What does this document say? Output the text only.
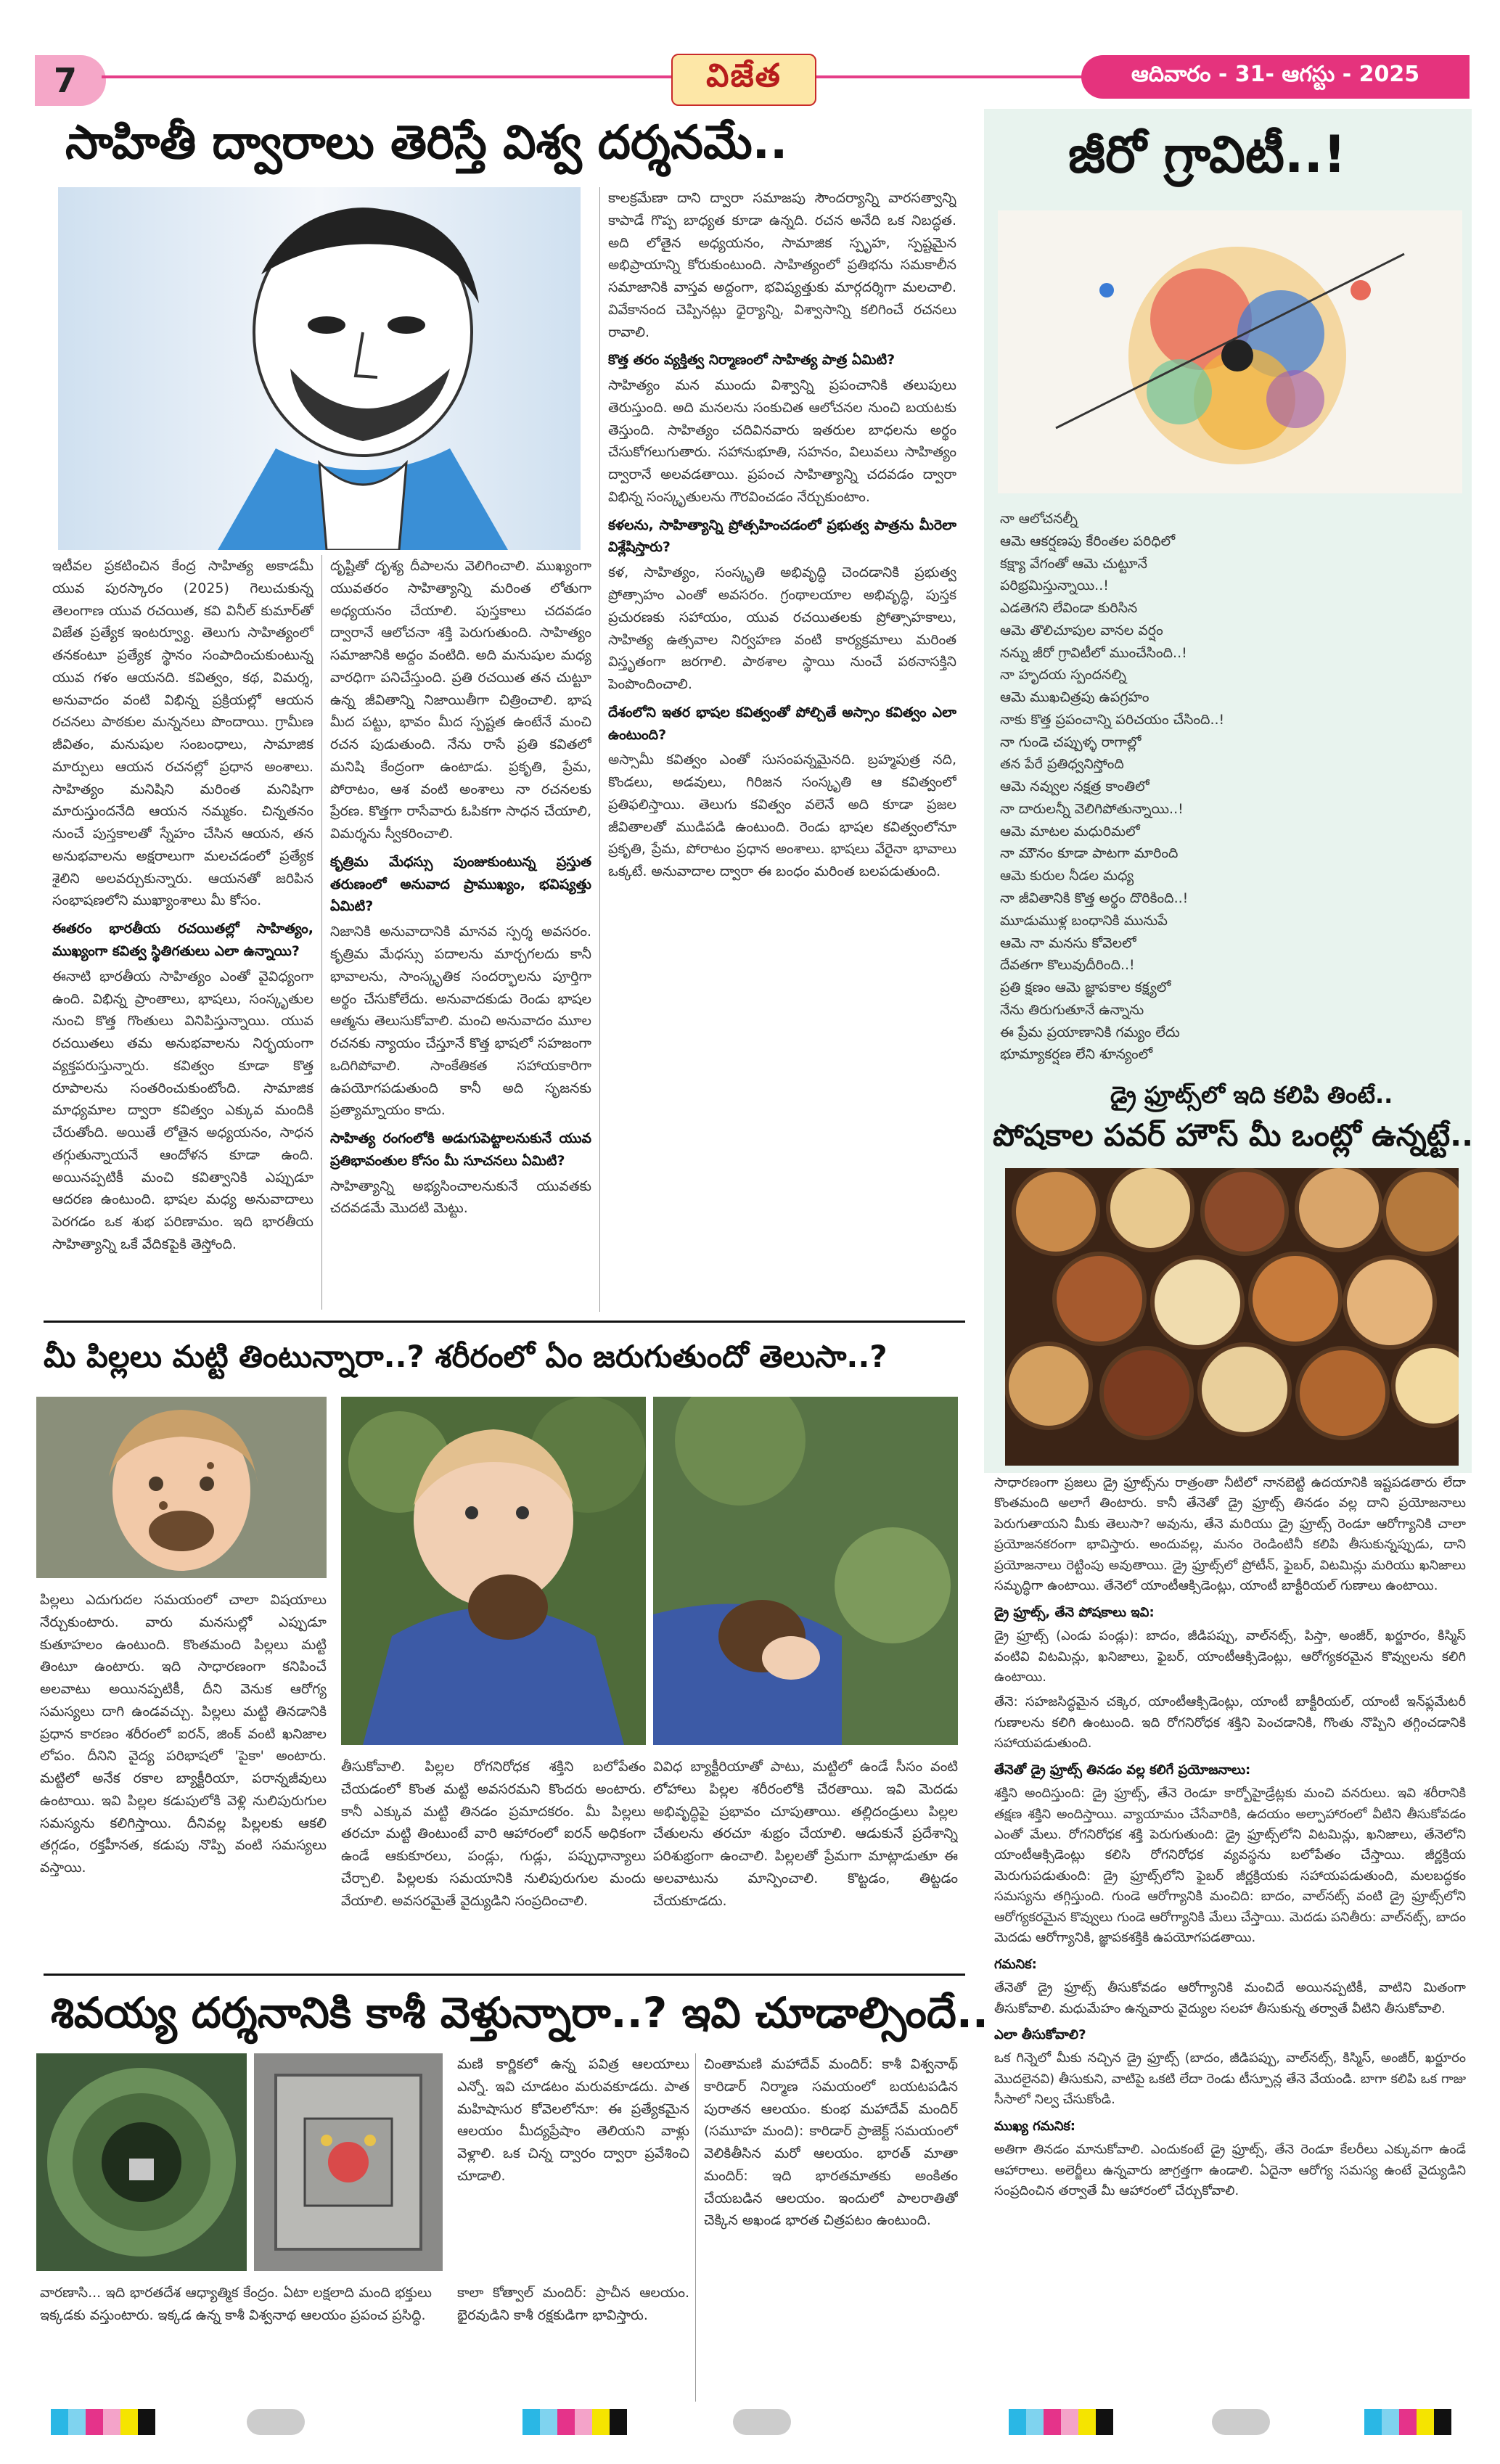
7	విజేత	ఆదివారం - 31- ఆగస్టు - 2025
సాహితీ ద్వారాలు తెరిస్తే విశ్వ దర్శనమే..

ఇటీవల ప్రకటించిన కేంద్ర సాహిత్య అకాడమీ యువ పురస్కారం (2025) గెలుచుకున్న తెలంగాణ యువ రచయిత, కవి వినీల్ కుమార్‌తో విజేత ప్రత్యేక ఇంటర్వ్యూ. తెలుగు సాహిత్యంలో తనకంటూ ప్రత్యేక స్థానం సంపాదించుకుంటున్న యువ గళం ఆయనది. కవిత్వం, కథ, విమర్శ, అనువాదం వంటి విభిన్న ప్రక్రియల్లో ఆయన రచనలు పాఠకుల మన్ననలు పొందాయి. గ్రామీణ జీవితం, మనుషుల సంబంధాలు, సామాజిక మార్పులు ఆయన రచనల్లో ప్రధాన అంశాలు. సాహిత్యం మనిషిని మరింత మనిషిగా మారుస్తుందనేది ఆయన నమ్మకం. చిన్నతనం నుంచే పుస్తకాలతో స్నేహం చేసిన ఆయన, తన అనుభవాలను అక్షరాలుగా మలచడంలో ప్రత్యేక శైలిని అలవర్చుకున్నారు. ఆయనతో జరిపిన సంభాషణలోని ముఖ్యాంశాలు మీ కోసం.

ఈతరం భారతీయ రచయితల్లో సాహిత్యం, ముఖ్యంగా కవిత్వ స్థితిగతులు ఎలా ఉన్నాయి?

ఈనాటి భారతీయ సాహిత్యం ఎంతో వైవిధ్యంగా ఉంది. విభిన్న ప్రాంతాలు, భాషలు, సంస్కృతుల నుంచి కొత్త గొంతులు వినిపిస్తున్నాయి. యువ రచయితలు తమ అనుభవాలను నిర్భయంగా వ్యక్తపరుస్తున్నారు. కవిత్వం కూడా కొత్త రూపాలను సంతరించుకుంటోంది. సామాజిక మాధ్యమాల ద్వారా కవిత్వం ఎక్కువ మందికి చేరుతోంది. అయితే లోతైన అధ్యయనం, సాధన తగ్గుతున్నాయనే ఆందోళన కూడా ఉంది. అయినప్పటికీ మంచి కవిత్వానికి ఎప్పుడూ ఆదరణ ఉంటుంది. భాషల మధ్య అనువాదాలు పెరగడం ఒక శుభ పరిణామం. ఇది భారతీయ సాహిత్యాన్ని ఒకే వేదికపైకి తెస్తోంది.

దృష్టితో దృశ్య దీపాలను వెలిగించాలి. ముఖ్యంగా యువతరం సాహిత్యాన్ని మరింత లోతుగా అధ్యయనం చేయాలి. పుస్తకాలు చదవడం ద్వారానే ఆలోచనా శక్తి పెరుగుతుంది. సాహిత్యం సమాజానికి అద్దం వంటిది. అది మనుషుల మధ్య వారధిగా పనిచేస్తుంది. ప్రతి రచయిత తన చుట్టూ ఉన్న జీవితాన్ని నిజాయితీగా చిత్రించాలి. భాష మీద పట్టు, భావం మీద స్పష్టత ఉంటేనే మంచి రచన పుడుతుంది. నేను రాసే ప్రతి కవితలో మనిషి కేంద్రంగా ఉంటాడు. ప్రకృతి, ప్రేమ, పోరాటం, ఆశ వంటి అంశాలు నా రచనలకు ప్రేరణ. కొత్తగా రాసేవారు ఓపికగా సాధన చేయాలి, విమర్శను స్వీకరించాలి.

కృత్రిమ మేధస్సు పుంజుకుంటున్న ప్రస్తుత తరుణంలో అనువాద ప్రాముఖ్యం, భవిష్యత్తు ఏమిటి?

నిజానికి అనువాదానికి మానవ స్పర్శ అవసరం. కృత్రిమ మేధస్సు పదాలను మార్చగలదు కానీ భావాలను, సాంస్కృతిక సందర్భాలను పూర్తిగా అర్థం చేసుకోలేదు. అనువాదకుడు రెండు భాషల ఆత్మను తెలుసుకోవాలి. మంచి అనువాదం మూల రచనకు న్యాయం చేస్తూనే కొత్త భాషలో సహజంగా ఒదిగిపోవాలి. సాంకేతికత సహాయకారిగా ఉపయోగపడుతుంది కానీ అది సృజనకు ప్రత్యామ్నాయం కాదు.

సాహిత్య రంగంలోకి అడుగుపెట్టాలనుకునే యువ ప్రతిభావంతుల కోసం మీ సూచనలు ఏమిటి?

సాహిత్యాన్ని అభ్యసించాలనుకునే యువతకు చదవడమే మొదటి మెట్టు.

కాలక్రమేణా దాని ద్వారా సమాజపు సౌందర్యాన్ని వారసత్వాన్ని కాపాడే గొప్ప బాధ్యత కూడా ఉన్నది. రచన అనేది ఒక నిబద్ధత. అది లోతైన అధ్యయనం, సామాజిక స్పృహ, స్పష్టమైన అభిప్రాయాన్ని కోరుకుంటుంది. సాహిత్యంలో ప్రతిభను సమకాలీన సమాజానికి వాస్తవ అద్దంగా, భవిష్యత్తుకు మార్గదర్శిగా మలచాలి. వివేకానంద చెప్పినట్లు ధైర్యాన్ని, విశ్వాసాన్ని కలిగించే రచనలు రావాలి.

కొత్త తరం వ్యక్తిత్వ నిర్మాణంలో సాహిత్య పాత్ర ఏమిటి?

సాహిత్యం మన ముందు విశ్వాన్ని ప్రపంచానికి తలుపులు తెరుస్తుంది. అది మనలను సంకుచిత ఆలోచనల నుంచి బయటకు తెస్తుంది. సాహిత్యం చదివినవారు ఇతరుల బాధలను అర్థం చేసుకోగలుగుతారు. సహానుభూతి, సహనం, విలువలు సాహిత్యం ద్వారానే అలవడతాయి. ప్రపంచ సాహిత్యాన్ని చదవడం ద్వారా విభిన్న సంస్కృతులను గౌరవించడం నేర్చుకుంటాం.

కళలను, సాహిత్యాన్ని ప్రోత్సహించడంలో ప్రభుత్వ పాత్రను మీరెలా విశ్లేషిస్తారు?

కళ, సాహిత్యం, సంస్కృతి అభివృద్ధి చెందడానికి ప్రభుత్వ ప్రోత్సాహం ఎంతో అవసరం. గ్రంథాలయాల అభివృద్ధి, పుస్తక ప్రచురణకు సహాయం, యువ రచయితలకు ప్రోత్సాహకాలు, సాహిత్య ఉత్సవాల నిర్వహణ వంటి కార్యక్రమాలు మరింత విస్తృతంగా జరగాలి. పాఠశాల స్థాయి నుంచే పఠనాసక్తిని పెంపొందించాలి.

దేశంలోని ఇతర భాషల కవిత్వంతో పోల్చితే అస్సాం కవిత్వం ఎలా ఉంటుంది?

అస్సామీ కవిత్వం ఎంతో సుసంపన్నమైనది. బ్రహ్మపుత్ర నది, కొండలు, అడవులు, గిరిజన సంస్కృతి ఆ కవిత్వంలో ప్రతిఫలిస్తాయి. తెలుగు కవిత్వం వలెనే అది కూడా ప్రజల జీవితాలతో ముడిపడి ఉంటుంది. రెండు భాషల కవిత్వంలోనూ ప్రకృతి, ప్రేమ, పోరాటం ప్రధాన అంశాలు. భాషలు వేరైనా భావాలు ఒక్కటే. అనువాదాల ద్వారా ఈ బంధం మరింత బలపడుతుంది.

జీరో గ్రావిటీ..!
నా ఆలోచనల్నీ
ఆమె ఆకర్షణపు కేరింతల పరిధిలో
కక్ష్యా వేగంతో ఆమె చుట్టూనే
పరిభ్రమిస్తున్నాయి..!
ఎడతెగని లేవిండా కురిసిన
ఆమె తొలిచూపుల వానల వర్షం
నన్ను జీరో గ్రావిటీలో ముంచేసింది..!
నా హృదయ స్పందనల్ని
ఆమె ముఖచిత్రపు ఉపగ్రహం
నాకు కొత్త ప్రపంచాన్ని పరిచయం చేసింది..!
నా గుండె చప్పుళ్ళ రాగాల్లో
తన పేరే ప్రతిధ్వనిస్తోంది
ఆమె నవ్వుల నక్షత్ర కాంతిలో
నా దారులన్నీ వెలిగిపోతున్నాయి..!
ఆమె మాటల మధురిమలో
నా మౌనం కూడా పాటగా మారింది
ఆమె కురుల నీడల మధ్య
నా జీవితానికి కొత్త అర్థం దొరికింది..!
మూడుముళ్ల బంధానికి మునుపే
ఆమె నా మనసు కోవెలలో
దేవతగా కొలువుదీరింది..!
ప్రతి క్షణం ఆమె జ్ఞాపకాల కక్ష్యలో
నేను తిరుగుతూనే ఉన్నాను
ఈ ప్రేమ ప్రయాణానికి గమ్యం లేదు
భూమ్యాకర్షణ లేని శూన్యంలో

డ్రై ఫ్రూట్స్‌లో ఇది కలిపి తింటే..
పోషకాల పవర్ హౌస్ మీ ఒంట్లో ఉన్నట్టే..

సాధారణంగా ప్రజలు డ్రై ఫ్రూట్స్‌ను రాత్రంతా నీటిలో నానబెట్టి ఉదయానికి ఇష్టపడతారు లేదా కొంతమంది అలాగే తింటారు. కానీ తేనెతో డ్రై ఫ్రూట్స్ తినడం వల్ల దాని ప్రయోజనాలు పెరుగుతాయని మీకు తెలుసా? అవును, తేనె మరియు డ్రై ఫ్రూట్స్ రెండూ ఆరోగ్యానికి చాలా ప్రయోజనకరంగా భావిస్తారు. అందువల్ల, మనం రెండింటినీ కలిపి తీసుకున్నప్పుడు, దాని ప్రయోజనాలు రెట్టింపు అవుతాయి. డ్రై ఫ్రూట్స్‌లో ప్రోటీన్, ఫైబర్, విటమిన్లు మరియు ఖనిజాలు సమృద్ధిగా ఉంటాయి. తేనెలో యాంటీఆక్సిడెంట్లు, యాంటీ బాక్టీరియల్ గుణాలు ఉంటాయి.

డ్రై ఫ్రూట్స్, తేనె పోషకాలు ఇవి:

డ్రై ఫ్రూట్స్ (ఎండు పండ్లు): బాదం, జీడిపప్పు, వాల్‌నట్స్, పిస్తా, అంజీర్, ఖర్జూరం, కిస్మిస్ వంటివి విటమిన్లు, ఖనిజాలు, ఫైబర్, యాంటీఆక్సిడెంట్లు, ఆరోగ్యకరమైన కొవ్వులను కలిగి ఉంటాయి.

తేనె: సహజసిద్ధమైన చక్కెర, యాంటీఆక్సిడెంట్లు, యాంటీ బాక్టీరియల్, యాంటీ ఇన్‌ఫ్లమేటరీ గుణాలను కలిగి ఉంటుంది. ఇది రోగనిరోధక శక్తిని పెంచడానికి, గొంతు నొప్పిని తగ్గించడానికి సహాయపడుతుంది.

తేనెతో డ్రై ఫ్రూట్స్ తినడం వల్ల కలిగే ప్రయోజనాలు:

శక్తిని అందిస్తుంది: డ్రై ఫ్రూట్స్, తేనె రెండూ కార్బోహైడ్రేట్లకు మంచి వనరులు. ఇవి శరీరానికి తక్షణ శక్తిని అందిస్తాయి. వ్యాయామం చేసేవారికి, ఉదయం అల్పాహారంలో వీటిని తీసుకోవడం ఎంతో మేలు. రోగనిరోధక శక్తి పెరుగుతుంది: డ్రై ఫ్రూట్స్‌లోని విటమిన్లు, ఖనిజాలు, తేనెలోని యాంటీఆక్సిడెంట్లు కలిసి రోగనిరోధక వ్యవస్థను బలోపేతం చేస్తాయి. జీర్ణక్రియ మెరుగుపడుతుంది: డ్రై ఫ్రూట్స్‌లోని ఫైబర్ జీర్ణక్రియకు సహాయపడుతుంది, మలబద్ధకం సమస్యను తగ్గిస్తుంది. గుండె ఆరోగ్యానికి మంచిది: బాదం, వాల్‌నట్స్ వంటి డ్రై ఫ్రూట్స్‌లోని ఆరోగ్యకరమైన కొవ్వులు గుండె ఆరోగ్యానికి మేలు చేస్తాయి. మెదడు పనితీరు: వాల్‌నట్స్, బాదం మెదడు ఆరోగ్యానికి, జ్ఞాపకశక్తికి ఉపయోగపడతాయి.

గమనిక:

తేనెతో డ్రై ఫ్రూట్స్ తీసుకోవడం ఆరోగ్యానికి మంచిదే అయినప్పటికీ, వాటిని మితంగా తీసుకోవాలి. మధుమేహం ఉన్నవారు వైద్యుల సలహా తీసుకున్న తర్వాతే వీటిని తీసుకోవాలి.

ఎలా తీసుకోవాలి?

ఒక గిన్నెలో మీకు నచ్చిన డ్రై ఫ్రూట్స్ (బాదం, జీడిపప్పు, వాల్‌నట్స్, కిస్మిస్, అంజీర్, ఖర్జూరం మొదలైనవి) తీసుకుని, వాటిపై ఒకటి లేదా రెండు టీస్పూన్ల తేనె వేయండి. బాగా కలిపి ఒక గాజు సీసాలో నిల్వ చేసుకోండి.

ముఖ్య గమనిక:

అతిగా తినడం మానుకోవాలి. ఎందుకంటే డ్రై ఫ్రూట్స్, తేనె రెండూ కేలరీలు ఎక్కువగా ఉండే ఆహారాలు. అలెర్జీలు ఉన్నవారు జాగ్రత్తగా ఉండాలి. ఏదైనా ఆరోగ్య సమస్య ఉంటే వైద్యుడిని సంప్రదించిన తర్వాతే మీ ఆహారంలో చేర్చుకోవాలి.

మీ పిల్లలు మట్టి తింటున్నారా..? శరీరంలో ఏం జరుగుతుందో తెలుసా..?
పిల్లలు ఎదుగుదల సమయంలో చాలా విషయాలు నేర్చుకుంటారు. వారు మనసుల్లో ఎప్పుడూ కుతూహలం ఉంటుంది. కొంతమంది పిల్లలు మట్టి తింటూ ఉంటారు. ఇది సాధారణంగా కనిపించే అలవాటు అయినప్పటికీ, దీని వెనుక ఆరోగ్య సమస్యలు దాగి ఉండవచ్చు. పిల్లలు మట్టి తినడానికి ప్రధాన కారణం శరీరంలో ఐరన్, జింక్ వంటి ఖనిజాల లోపం. దీనిని వైద్య పరిభాషలో 'పైకా' అంటారు. మట్టిలో అనేక రకాల బ్యాక్టీరియా, పరాన్నజీవులు ఉంటాయి. ఇవి పిల్లల కడుపులోకి వెళ్లి నులిపురుగుల సమస్యను కలిగిస్తాయి. దీనివల్ల పిల్లలకు ఆకలి తగ్గడం, రక్తహీనత, కడుపు నొప్పి వంటి సమస్యలు వస్తాయి.
తీసుకోవాలి. పిల్లల రోగనిరోధక శక్తిని బలోపేతం చేయడంలో కొంత మట్టి అవసరమని కొందరు అంటారు. కానీ ఎక్కువ మట్టి తినడం ప్రమాదకరం. మీ పిల్లలు తరచూ మట్టి తింటుంటే వారి ఆహారంలో ఐరన్ అధికంగా ఉండే ఆకుకూరలు, పండ్లు, గుడ్లు, పప్పుధాన్యాలు చేర్చాలి. పిల్లలకు సమయానికి నులిపురుగుల మందు వేయాలి. అవసరమైతే వైద్యుడిని సంప్రదించాలి.
వివిధ బ్యాక్టీరియాతో పాటు, మట్టిలో ఉండే సీసం వంటి లోహాలు పిల్లల శరీరంలోకి చేరతాయి. ఇవి మెదడు అభివృద్ధిపై ప్రభావం చూపుతాయి. తల్లిదండ్రులు పిల్లల చేతులను తరచూ శుభ్రం చేయాలి. ఆడుకునే ప్రదేశాన్ని పరిశుభ్రంగా ఉంచాలి. పిల్లలతో ప్రేమగా మాట్లాడుతూ ఈ అలవాటును మాన్పించాలి. కొట్టడం, తిట్టడం చేయకూడదు.
శివయ్య దర్శనానికి కాశీ వెళ్తున్నారా..? ఇవి చూడాల్సిందే..
మణి కార్ణికలో ఉన్న పవిత్ర ఆలయాలు ఎన్నో. ఇవి చూడటం మరువకూడదు. పాత మహిషాసుర కోవెలలోనూ: ఈ ప్రత్యేకమైన ఆలయం మీద్యప్రేషాం తెలియని వాళ్లు వెళ్లాలి. ఒక చిన్న ద్వారం ద్వారా ప్రవేశించి చూడాలి.
చింతామణి మహాదేవ్ మందిర్: కాశీ విశ్వనాథ్ కారిడార్ నిర్మాణ సమయంలో బయటపడిన పురాతన ఆలయం. కుంభ మహాదేవ్ మందిర్ (సమూహ మంది): కారిడార్ ప్రాజెక్ట్ సమయంలో వెలికితీసిన మరో ఆలయం. భారత్ మాతా మందిర్: ఇది భారతమాతకు అంకితం చేయబడిన ఆలయం. ఇందులో పాలరాతితో చెక్కిన అఖండ భారత చిత్రపటం ఉంటుంది.
వారణాసి... ఇది భారతదేశ ఆధ్యాత్మిక కేంద్రం. ఏటా లక్షలాది మంది భక్తులు ఇక్కడకు వస్తుంటారు. ఇక్కడ ఉన్న కాశీ విశ్వనాథ ఆలయం ప్రపంచ ప్రసిద్ధి.
కాలా కోత్వాల్ మందిర్: ప్రాచీన ఆలయం. భైరవుడిని కాశీ రక్షకుడిగా భావిస్తారు.
